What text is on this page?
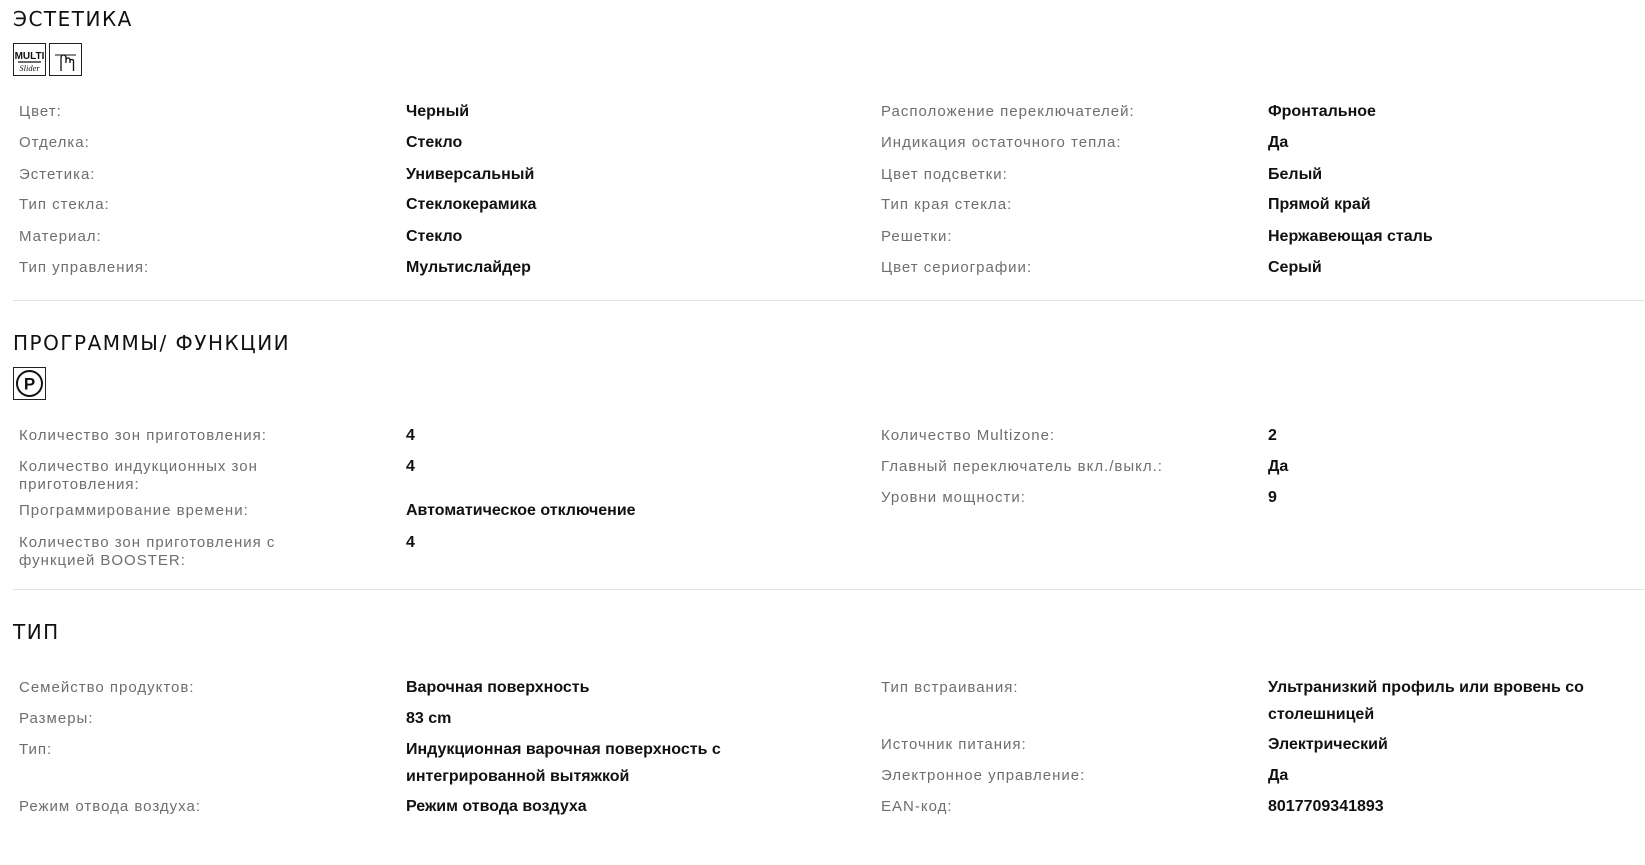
ЭСТЕТИКА
MULTI
Slider
Цвет:	Черный
Отделка:	Стекло
Эстетика:	Универсальный
Тип стекла:	Стеклокерамика
Материал:	Стекло
Тип управления:	Мультислайдер
Расположение переключателей:	Фронтальное
Индикация остаточного тепла:	Да
Цвет подсветки:	Белый
Тип края стекла:	Прямой край
Решетки:	Нержавеющая сталь
Цвет сериографии:	Серый
ПРОГРАММЫ/ ФУНКЦИИ
P
Количество зон приготовления:	4
Количество индукционных зон приготовления:
4
Программирование времени:	Автоматическое отключение
Количество зон приготовления с функцией BOOSTER:
4
Количество Multizone:	2
Главный переключатель вкл./выкл.:	Да
Уровни мощности:	9
ТИП
Семейство продуктов:	Варочная поверхность
Размеры:	83 cm
Тип:	Индукционная варочная поверхность с интегрированной вытяжкой
Режим отвода воздуха:	Режим отвода воздуха
Тип встраивания:	Ультранизкий профиль или вровень со столешницей
Источник питания:	Электрический
Электронное управление:	Да
EAN-код:	8017709341893
